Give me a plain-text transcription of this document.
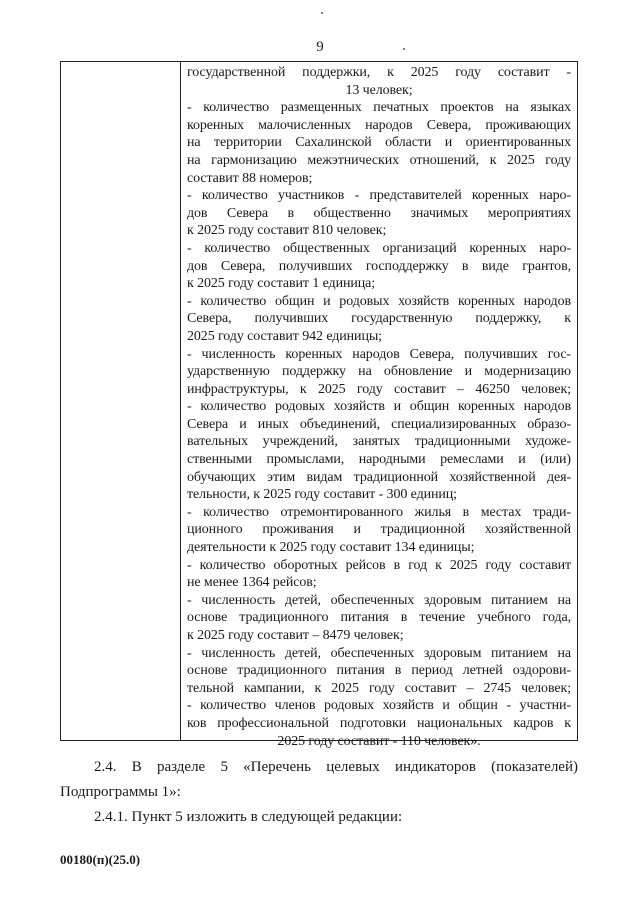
9
государственной поддержки, к 2025 году составит -
13 человек;
- количество размещенных печатных проектов на языках
коренных малочисленных народов Севера, проживающих
на территории Сахалинской области и ориентированных
на гармонизацию межэтнических отношений, к 2025 году
составит 88 номеров;
- количество участников - представителей коренных наро-
дов Севера в общественно значимых мероприятиях
к 2025 году составит 810 человек;
- количество общественных организаций коренных наро-
дов Севера, получивших господдержку в виде грантов,
к 2025 году составит 1 единица;
- количество общин и родовых хозяйств коренных народов
Севера, получивших государственную поддержку, к
2025 году составит 942 единицы;
- численность коренных народов Севера, получивших гос-
ударственную поддержку на обновление и модернизацию
инфраструктуры, к 2025 году составит – 46250 человек;
- количество родовых хозяйств и общин коренных народов
Севера и иных объединений, специализированных образо-
вательных учреждений, занятых традиционными художе-
ственными промыслами, народными ремеслами и (или)
обучающих этим видам традиционной хозяйственной дея-
тельности, к 2025 году составит - 300 единиц;
- количество отремонтированного жилья в местах тради-
ционного проживания и традиционной хозяйственной
деятельности к 2025 году составит 134 единицы;
- количество оборотных рейсов в год к 2025 году составит
не менее 1364 рейсов;
- численность детей, обеспеченных здоровым питанием на
основе традиционного питания в течение учебного года,
к 2025 году составит – 8479 человек;
- численность детей, обеспеченных здоровым питанием на
основе традиционного питания в период летней оздорови-
тельной кампании, к 2025 году составит – 2745 человек;
- количество членов родовых хозяйств и общин - участни-
ков профессиональной подготовки национальных кадров к
2025 году составит - 110 человек».
2.4. В разделе 5 «Перечень целевых индикаторов (показателей)
Подпрограммы 1»:
2.4.1. Пункт 5 изложить в следующей редакции:
00180(п)(25.0)
